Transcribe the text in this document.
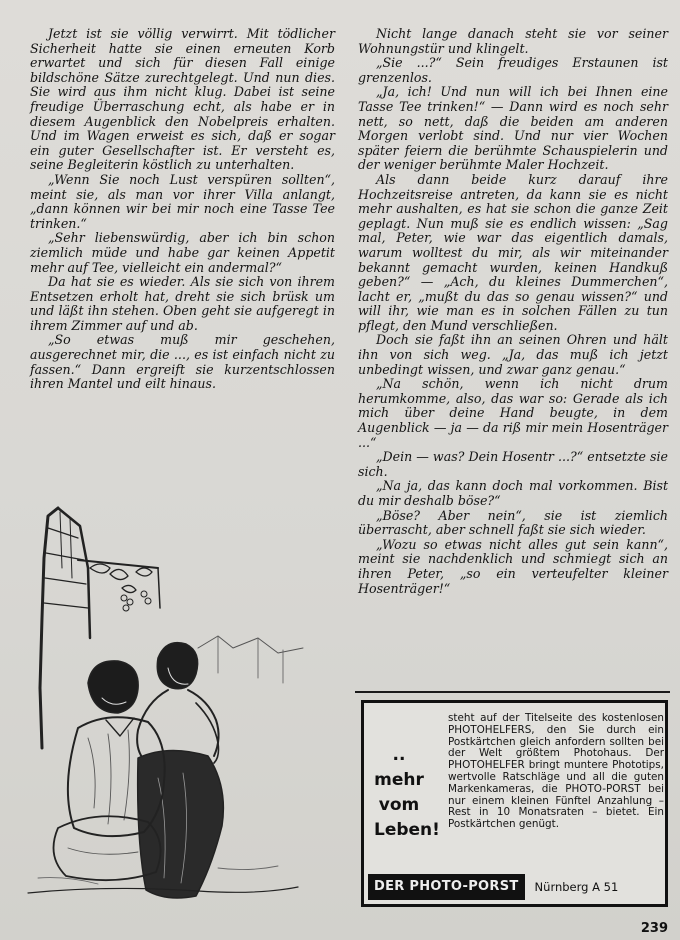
Jetzt ist sie völlig verwirrt. Mit tödlicher Sicherheit hatte sie einen erneuten Korb erwartet und sich für diesen Fall einige bildschöne Sätze zurechtgelegt. Und nun dies. Sie wird aus ihm nicht klug. Dabei ist seine freudige Überraschung echt, als habe er in diesem Augenblick den Nobelpreis erhalten. Und im Wagen erweist es sich, daß er sogar ein guter Gesellschafter ist. Er versteht es, seine Begleiterin köstlich zu unterhalten.

„Wenn Sie noch Lust verspüren sollten“, meint sie, als man vor ihrer Villa anlangt, „dann können wir bei mir noch eine Tasse Tee trinken.“

„Sehr liebenswürdig, aber ich bin schon ziemlich müde und habe gar keinen Appetit mehr auf Tee, vielleicht ein andermal?“

Da hat sie es wieder. Als sie sich von ihrem Entsetzen erholt hat, dreht sie sich brüsk um und läßt ihn stehen. Oben geht sie aufgeregt in ihrem Zimmer auf und ab.

„So etwas muß mir geschehen, ausgerechnet mir, die ..., es ist einfach nicht zu fassen.“ Dann ergreift sie kurzentschlossen ihren Mantel und eilt hinaus.

Nicht lange danach steht sie vor seiner Wohnungstür und klingelt.

„Sie ...?“ Sein freudiges Erstaunen ist grenzenlos.

„Ja, ich! Und nun will ich bei Ihnen eine Tasse Tee trinken!“ — Dann wird es noch sehr nett, so nett, daß die beiden am anderen Morgen verlobt sind. Und nur vier Wochen später feiern die berühmte Schauspielerin und der weniger berühmte Maler Hochzeit.

Als dann beide kurz darauf ihre Hochzeitsreise antreten, da kann sie es nicht mehr aushalten, es hat sie schon die ganze Zeit geplagt. Nun muß sie es endlich wissen: „Sag mal, Peter, wie war das eigentlich damals, warum wolltest du mir, als wir miteinander bekannt gemacht wurden, keinen Handkuß geben?“ — „Ach, du kleines Dummerchen“, lacht er, „mußt du das so genau wissen?“ und will ihr, wie man es in solchen Fällen zu tun pflegt, den Mund verschließen.

Doch sie faßt ihn an seinen Ohren und hält ihn von sich weg. „Ja, das muß ich jetzt unbedingt wissen, und zwar ganz genau.“

„Na schön, wenn ich nicht drum herumkomme, also, das war so: Gerade als ich mich über deine Hand beugte, in dem Augenblick — ja — da riß mir mein Hosenträger ...“

„Dein — was? Dein Hosentr ...?“ entsetzte sie sich.

„Na ja, das kann doch mal vorkommen. Bist du mir deshalb böse?“

„Böse? Aber nein“, sie ist ziemlich überrascht, aber schnell faßt sie sich wieder.

„Wozu so etwas nicht alles gut sein kann“, meint sie nachdenklich und schmiegt sich an ihren Peter, „so ein verteufelter kleiner Hosenträger!“

.. mehr vom Leben!
steht auf der Titelseite des kostenlosen PHOTOHELFERS, den Sie durch ein Postkärtchen gleich anfordern sollten bei der Welt größtem Photohaus. Der PHOTOHELFER bringt muntere Phototips, wertvolle Ratschläge und all die guten Markenkameras, die PHOTO-PORST bei nur einem kleinen Fünftel Anzahlung – Rest in 10 Monatsraten – bietet. Ein Postkärtchen genügt.
DER PHOTO-PORST	Nürnberg A 51
239
